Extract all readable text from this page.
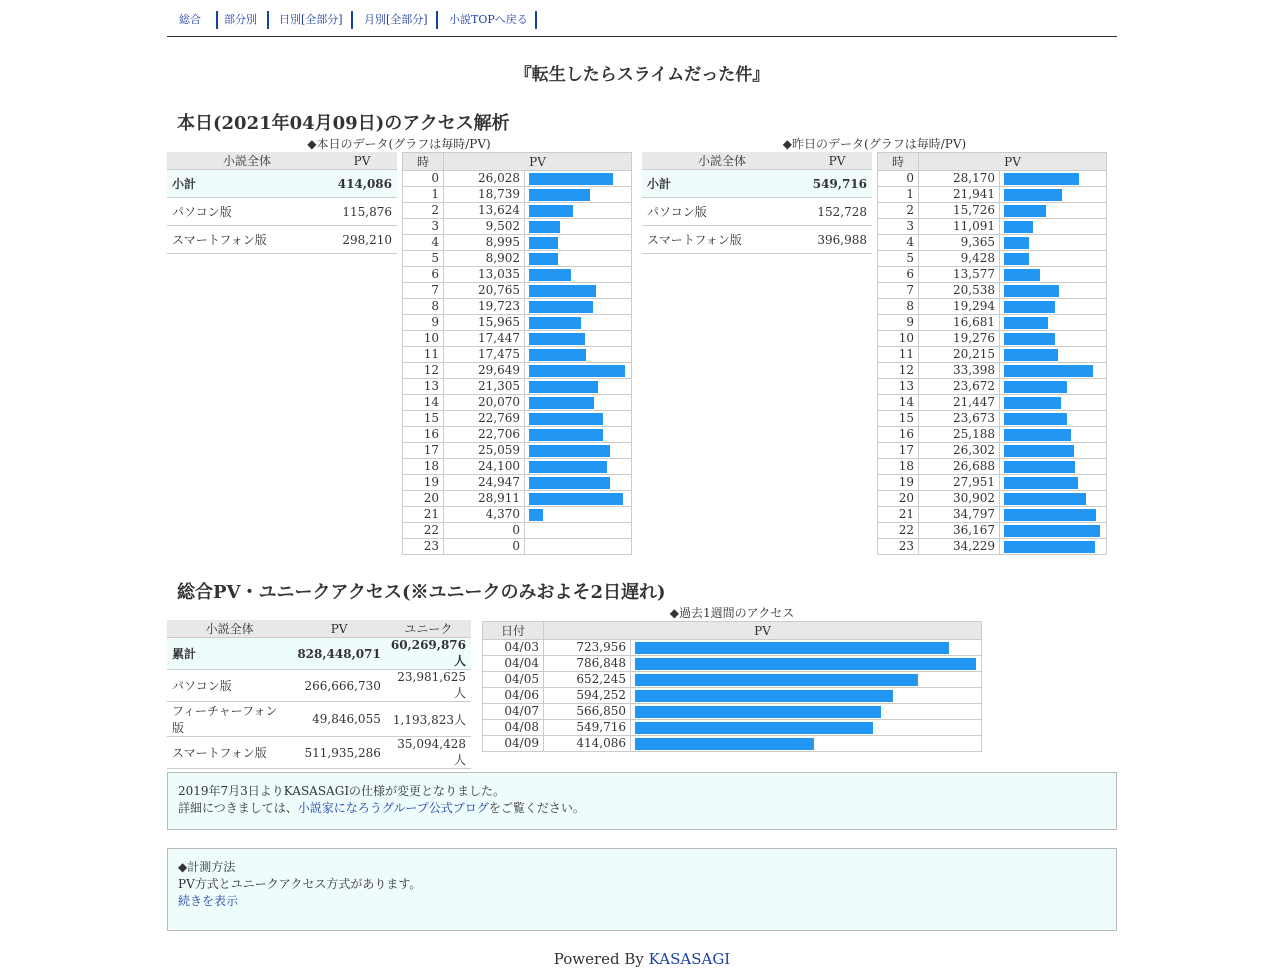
総合	部分別	日別[全部分]	月別[全部分]	小説TOPへ戻る
『転生したらスライムだった件』
本日(2021年04月09日)のアクセス解析
◆本日のデータ(グラフは毎時/PV)	◆昨日のデータ(グラフは毎時/PV)
小説全体	PV
小計	414,086
パソコン版	115,876
スマートフォン版	298,210
時	PV	
0	26,028	

1	18,739	

2	13,624	

3	9,502	

4	8,995	

5	8,902	

6	13,035	

7	20,765	

8	19,723	

9	15,965	

10	17,447	

11	17,475	

12	29,649	

13	21,305	

14	20,070	

15	22,769	

16	22,706	

17	25,059	

18	24,100	

19	24,947	

20	28,911	

21	4,370	

22	0	
23	0	
小説全体	PV
小計	549,716
パソコン版	152,728
スマートフォン版	396,988
時	PV	
0	28,170	

1	21,941	

2	15,726	

3	11,091	

4	9,365	

5	9,428	

6	13,577	

7	20,538	

8	19,294	

9	16,681	

10	19,276	

11	20,215	

12	33,398	

13	23,672	

14	21,447	

15	23,673	

16	25,188	

17	26,302	

18	26,688	

19	27,951	

20	30,902	

21	34,797	

22	36,167	

23	34,229	
総合PV・ユニークアクセス(※ユニークのみおよそ2日遅れ)
◆過去1週間のアクセス
小説全体	PV	ユニーク
累計	828,448,071	60,269,876人
パソコン版	266,666,730	23,981,625人
フィーチャーフォン版	49,846,055	1,193,823人
スマートフォン版	511,935,286	35,094,428人
日付	PV	
04/03	723,956	

04/04	786,848	

04/05	652,245	

04/06	594,252	

04/07	566,850	

04/08	549,716	

04/09	414,086	
2019年7月3日よりKASASAGIの仕様が変更となりました。
詳細につきましては、小説家になろうグループ公式ブログをご覧ください。
◆計測方法
PV方式とユニークアクセス方式があります。
続きを表示
Powered By KASASAGI
